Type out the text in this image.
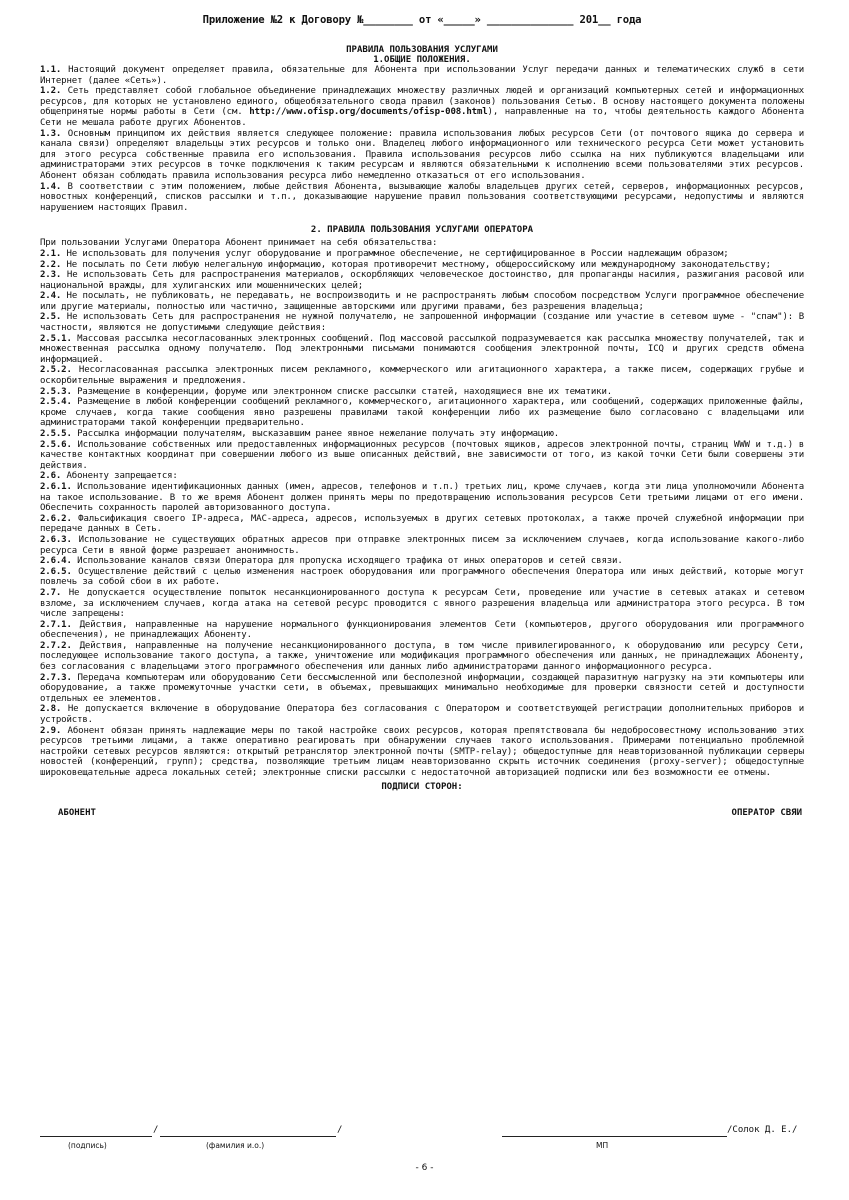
Приложение №2 к Договору №________ от «_____» ______________ 201__ года
ПРАВИЛА ПОЛЬЗОВАНИЯ УСЛУГАМИ
1.ОБЩИЕ ПОЛОЖЕНИЯ.

1.1. Настоящий документ определяет правила, обязательные для Абонента при использовании Услуг передачи данных и телематических служб в сети Интернет (далее «Сеть»).

1.2. Сеть представляет собой глобальное объединение принадлежащих множеству различных людей и организаций компьютерных сетей и информационных ресурсов, для которых не установлено единого, общеобязательного свода правил (законов) пользования Сетью. В основу настоящего документа положены общепринятые нормы работы в Сети (см. http://www.ofisp.org/documents/ofisp-008.html), направленные на то, чтобы деятельность каждого Абонента Сети не мешала работе других Абонентов.

1.3. Основным принципом их действия является следующее положение: правила использования любых ресурсов Сети (от почтового ящика до сервера и канала связи) определяют владельцы этих ресурсов и только они. Владелец любого информационного или технического ресурса Сети может установить для этого ресурса собственные правила его использования. Правила использования ресурсов либо ссылка на них публикуются владельцами или администраторами этих ресурсов в точке подключения к таким ресурсам и являются обязательными к исполнению всеми пользователями этих ресурсов. Абонент обязан соблюдать правила использования ресурса либо немедленно отказаться от его использования.

1.4. В соответствии с этим положением, любые действия Абонента, вызывающие жалобы владельцев других сетей, серверов, информационных ресурсов, новостных конференций, списков рассылки и т.п., доказывающие нарушение правил пользования соответствующими ресурсами, недопустимы и являются нарушением настоящих Правил.

2. ПРАВИЛА ПОЛЬЗОВАНИЯ УСЛУГАМИ ОПЕРАТОРА

При пользовании Услугами Оператора Абонент принимает на себя обязательства:

2.1. Не использовать для получения услуг оборудование и программное обеспечение, не сертифицированное в России надлежащим образом;

2.2. Не посылать по Сети любую нелегальную информацию, которая противоречит местному, общероссийскому или международному законодательству;

2.3. Не использовать Сеть для распространения материалов, оскорбляющих человеческое достоинство, для пропаганды насилия, разжигания расовой или национальной вражды, для хулиганских или мошеннических целей;

2.4. Не посылать, не публиковать, не передавать, не воспроизводить и не распространять любым способом посредством Услуги программное обеспечение или другие материалы, полностью или частично, защищенные авторскими или другими правами, без разрешения владельца;

2.5. Не использовать Сеть для распространения не нужной получателю, не запрошенной информации (создание или участие в сетевом шуме - "спам"): В частности, являются не допустимыми следующие действия:

2.5.1. Массовая рассылка несогласованных электронных сообщений. Под массовой рассылкой подразумевается как рассылка множеству получателей, так и множественная рассылка одному получателю. Под электронными письмами понимаются сообщения электронной почты, ICQ и других средств обмена информацией.

2.5.2. Несогласованная рассылка электронных писем рекламного, коммерческого или агитационного характера, а также писем, содержащих грубые и оскорбительные выражения и предложения.

2.5.3. Размещение в конференции, форуме или электронном списке рассылки статей, находящиеся вне их тематики.

2.5.4. Размещение в любой конференции сообщений рекламного, коммерческого, агитационного характера, или сообщений, содержащих приложенные файлы, кроме случаев, когда такие сообщения явно разрешены правилами такой конференции либо их размещение было согласовано с владельцами или администраторами такой конференции предварительно.

2.5.5. Рассылка информации получателям, высказавшим ранее явное нежелание получать эту информацию.

2.5.6. Использование собственных или предоставленных информационных ресурсов (почтовых ящиков, адресов электронной почты, страниц WWW и т.д.) в качестве контактных координат при совершении любого из выше описанных действий, вне зависимости от того, из какой точки Сети были совершены эти действия.

2.6. Абоненту запрещается:

2.6.1. Использование идентификационных данных (имен, адресов, телефонов и т.п.) третьих лиц, кроме случаев, когда эти лица уполномочили Абонента на такое использование. В то же время Абонент должен принять меры по предотвращению использования ресурсов Сети третьими лицами от его имени. Обеспечить сохранность паролей авторизованного доступа.

2.6.2. Фальсификация своего IP-адреса, MAC-адреса, адресов, используемых в других сетевых протоколах, а также прочей служебной информации при передаче данных в Сеть.

2.6.3. Использование не существующих обратных адресов при отправке электронных писем за исключением случаев, когда использование какого-либо ресурса Сети в явной форме разрешает анонимность.

2.6.4. Использование каналов связи Оператора для пропуска исходящего трафика от иных операторов и сетей связи.

2.6.5. Осуществление действий с целью изменения настроек оборудования или программного обеспечения Оператора или иных действий, которые могут повлечь за собой сбои в их работе.

2.7. Не допускается осуществление попыток несанкционированного доступа к ресурсам Сети, проведение или участие в сетевых атаках и сетевом взломе, за исключением случаев, когда атака на сетевой ресурс проводится с явного разрешения владельца или администратора этого ресурса. В том числе запрещены:

2.7.1. Действия, направленные на нарушение нормального функционирования элементов Сети (компьютеров, другого оборудования или программного обеспечения), не принадлежащих Абоненту.

2.7.2. Действия, направленные на получение несанкционированного доступа, в том числе привилегированного, к оборудованию или ресурсу Сети, последующее использование такого доступа, а также, уничтожение или модификация программного обеспечения или данных, не принадлежащих Абоненту, без согласования с владельцами этого программного обеспечения или данных либо администраторами данного информационного ресурса.

2.7.3. Передача компьютерам или оборудованию Сети бессмысленной или бесполезной информации, создающей паразитную нагрузку на эти компьютеры или оборудование, а также промежуточные участки сети, в объемах, превышающих минимально необходимые для проверки связности сетей и доступности отдельных ее элементов.

2.8. Не допускается включение в оборудование Оператора без согласования с Оператором и соответствующей регистрации дополнительных приборов и устройств.

2.9. Абонент обязан принять надлежащие меры по такой настройке своих ресурсов, которая препятствовала бы недобросовестному использованию этих ресурсов третьими лицами, а также оперативно реагировать при обнаружении случаев такого использования. Примерами потенциально проблемной настройки сетевых ресурсов являются: открытый ретранслятор электронной почты (SMTP-relay); общедоступные для неавторизованной публикации серверы новостей (конференций, групп); средства, позволяющие третьим лицам неавторизованно скрыть источник соединения (proxy-server); общедоступные широковещательные адреса локальных сетей; электронные списки рассылки с недостаточной авторизацией подписки или без возможности ее отмены.

ПОДПИСИ СТОРОН:
АБОНЕНТ	ОПЕРАТОР СВЯИ
/	/
(подпись)	(фамилия и.о.)
/Солок Д. Е./
МП
- 6 -
